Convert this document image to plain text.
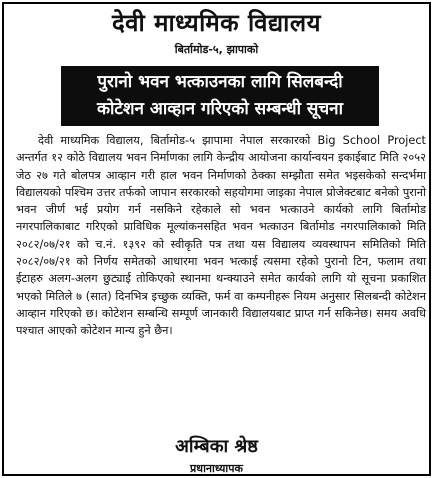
देवी माध्यमिक विद्यालय
बिर्तामोड-५, झापाको
पुरानो भवन भत्काउनका लागि सिलबन्दी
कोटेशन आव्हान गरिएको सम्बन्धी सूचना

देवी माध्यमिक विद्यालय, बिर्तामोड-५ झापामा नेपाल सरकारको Big School Project अन्तर्गत १२ कोठे विद्यालय भवन निर्माणका लागि केन्द्रीय आयोजना कार्यान्वयन इकाईबाट मिति २०५२ जेठ २७ गते बोलपत्र आव्हान गरी हाल भवन निर्माणको ठेक्का सम्झौता समेत भइसकेको सन्दर्भमा विद्यालयको पश्चिम उत्तर तर्फको जापान सरकारको सहयोगमा जाइका नेपाल प्रोजेक्टबाट बनेको पुरानो भवन जीर्ण भई प्रयोग गर्न नसकिने रहेकाले सो भवन भत्काउने कार्यको लागि बिर्तामोड नगरपालिकाबाट गरिएको प्राविधिक मूल्यांकनसहित भवन भत्काउन बिर्तामोड नगरपालिकाको मिति २०८२/०७/२१ को च.नं. १३९२ को स्वीकृति पत्र तथा यस विद्यालय व्यवस्थापन समितिको मिति २०८२/०७/२१ को निर्णय समेतको आधारमा भवन भत्काई त्यसमा रहेको पुरानो टिन, फलाम तथा ईटाहरु अलग-अलग छुट्याई तोकिएको स्थानमा थन्क्याउने समेत कार्यको लागि यो सूचना प्रकाशित भएको मितिले ७ (सात) दिनभित्र इच्छुक व्यक्ति, फर्म वा कम्पनीहरू नियम अनुसार सिलबन्दी कोटेशन आव्हान गरिएको छ। कोटेशन सम्बन्धि सम्पूर्ण जानकारी विद्यालयबाट प्राप्त गर्न सकिनेछ। समय अवधि पश्चात आएको कोटेशन मान्य हुने छैन।

अम्बिका श्रेष्ठ
प्रधानाध्यापक
